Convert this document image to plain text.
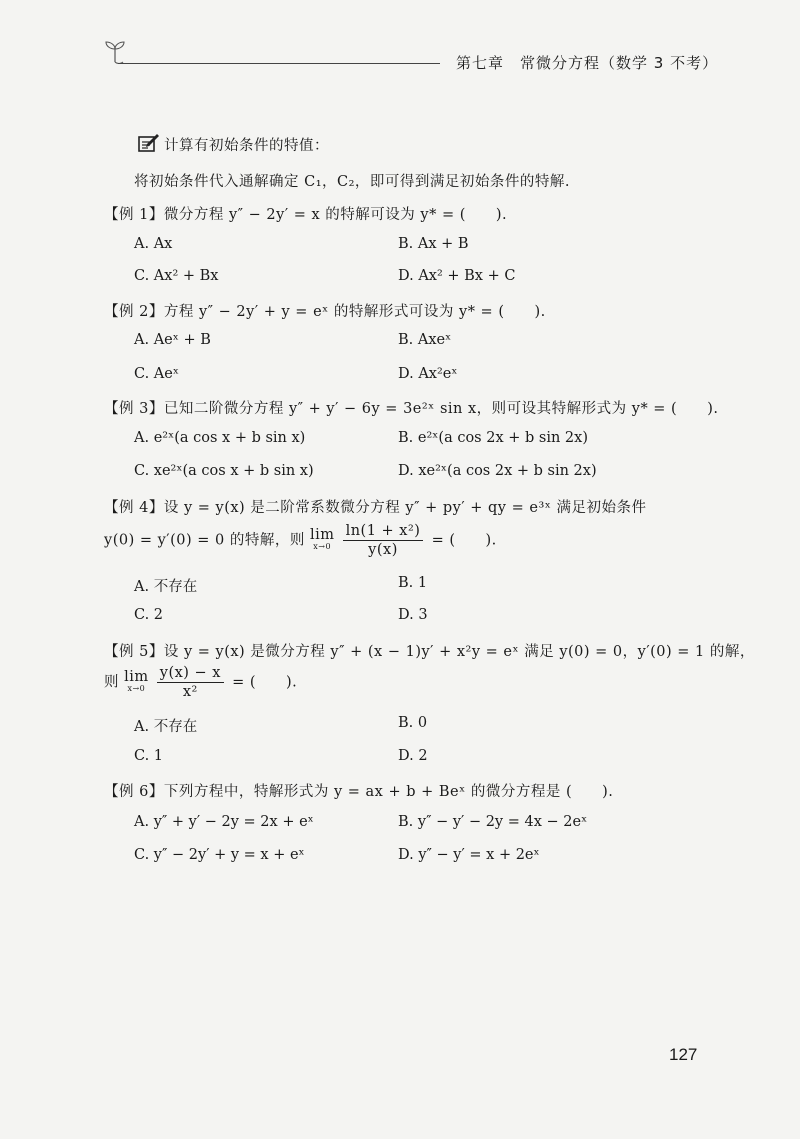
第七章　常微分方程（数学 3 不考）
计算有初始条件的特值：
将初始条件代入通解确定 C₁，C₂，即可得到满足初始条件的特解.
【例 1】微分方程 y″ − 2y′ = x 的特解可设为 y* = (　　).
A. Ax	B. Ax + B
C. Ax² + Bx	D. Ax² + Bx + C
【例 2】方程 y″ − 2y′ + y = eˣ 的特解形式可设为 y* = (　　).
A. Aeˣ + B	B. Axeˣ
C. Aeˣ	D. Ax²eˣ
【例 3】已知二阶微分方程 y″ + y′ − 6y = 3e²ˣ sin x，则可设其特解形式为 y* = (　　).
A. e²ˣ(a cos x + b sin x)	B. e²ˣ(a cos 2x + b sin 2x)
C. xe²ˣ(a cos x + b sin x)	D. xe²ˣ(a cos 2x + b sin 2x)
【例 4】设 y = y(x) 是二阶常系数微分方程 y″ + py′ + qy = e³ˣ 满足初始条件
y(0) = y′(0) = 0 的特解，则 lim
x→0
$\frac{\text{ln(1 + x²)}}{y(x)}$ = (　　).
A. 不存在	B. 1
C. 2	D. 3
【例 5】设 y = y(x) 是微分方程 y″ + (x − 1)y′ + x²y = eˣ 满足 y(0) = 0，y′(0) = 1 的解，
则 lim
x→0
$\frac{y(x) - x}{\text{x²}}$ = (　　).
A. 不存在	B. 0
C. 1	D. 2
【例 6】下列方程中，特解形式为 y = ax + b + Beˣ 的微分方程是 (　　).
A. y″ + y′ − 2y = 2x + eˣ	B. y″ − y′ − 2y = 4x − 2eˣ
C. y″ − 2y′ + y = x + eˣ	D. y″ − y′ = x + 2eˣ
127
